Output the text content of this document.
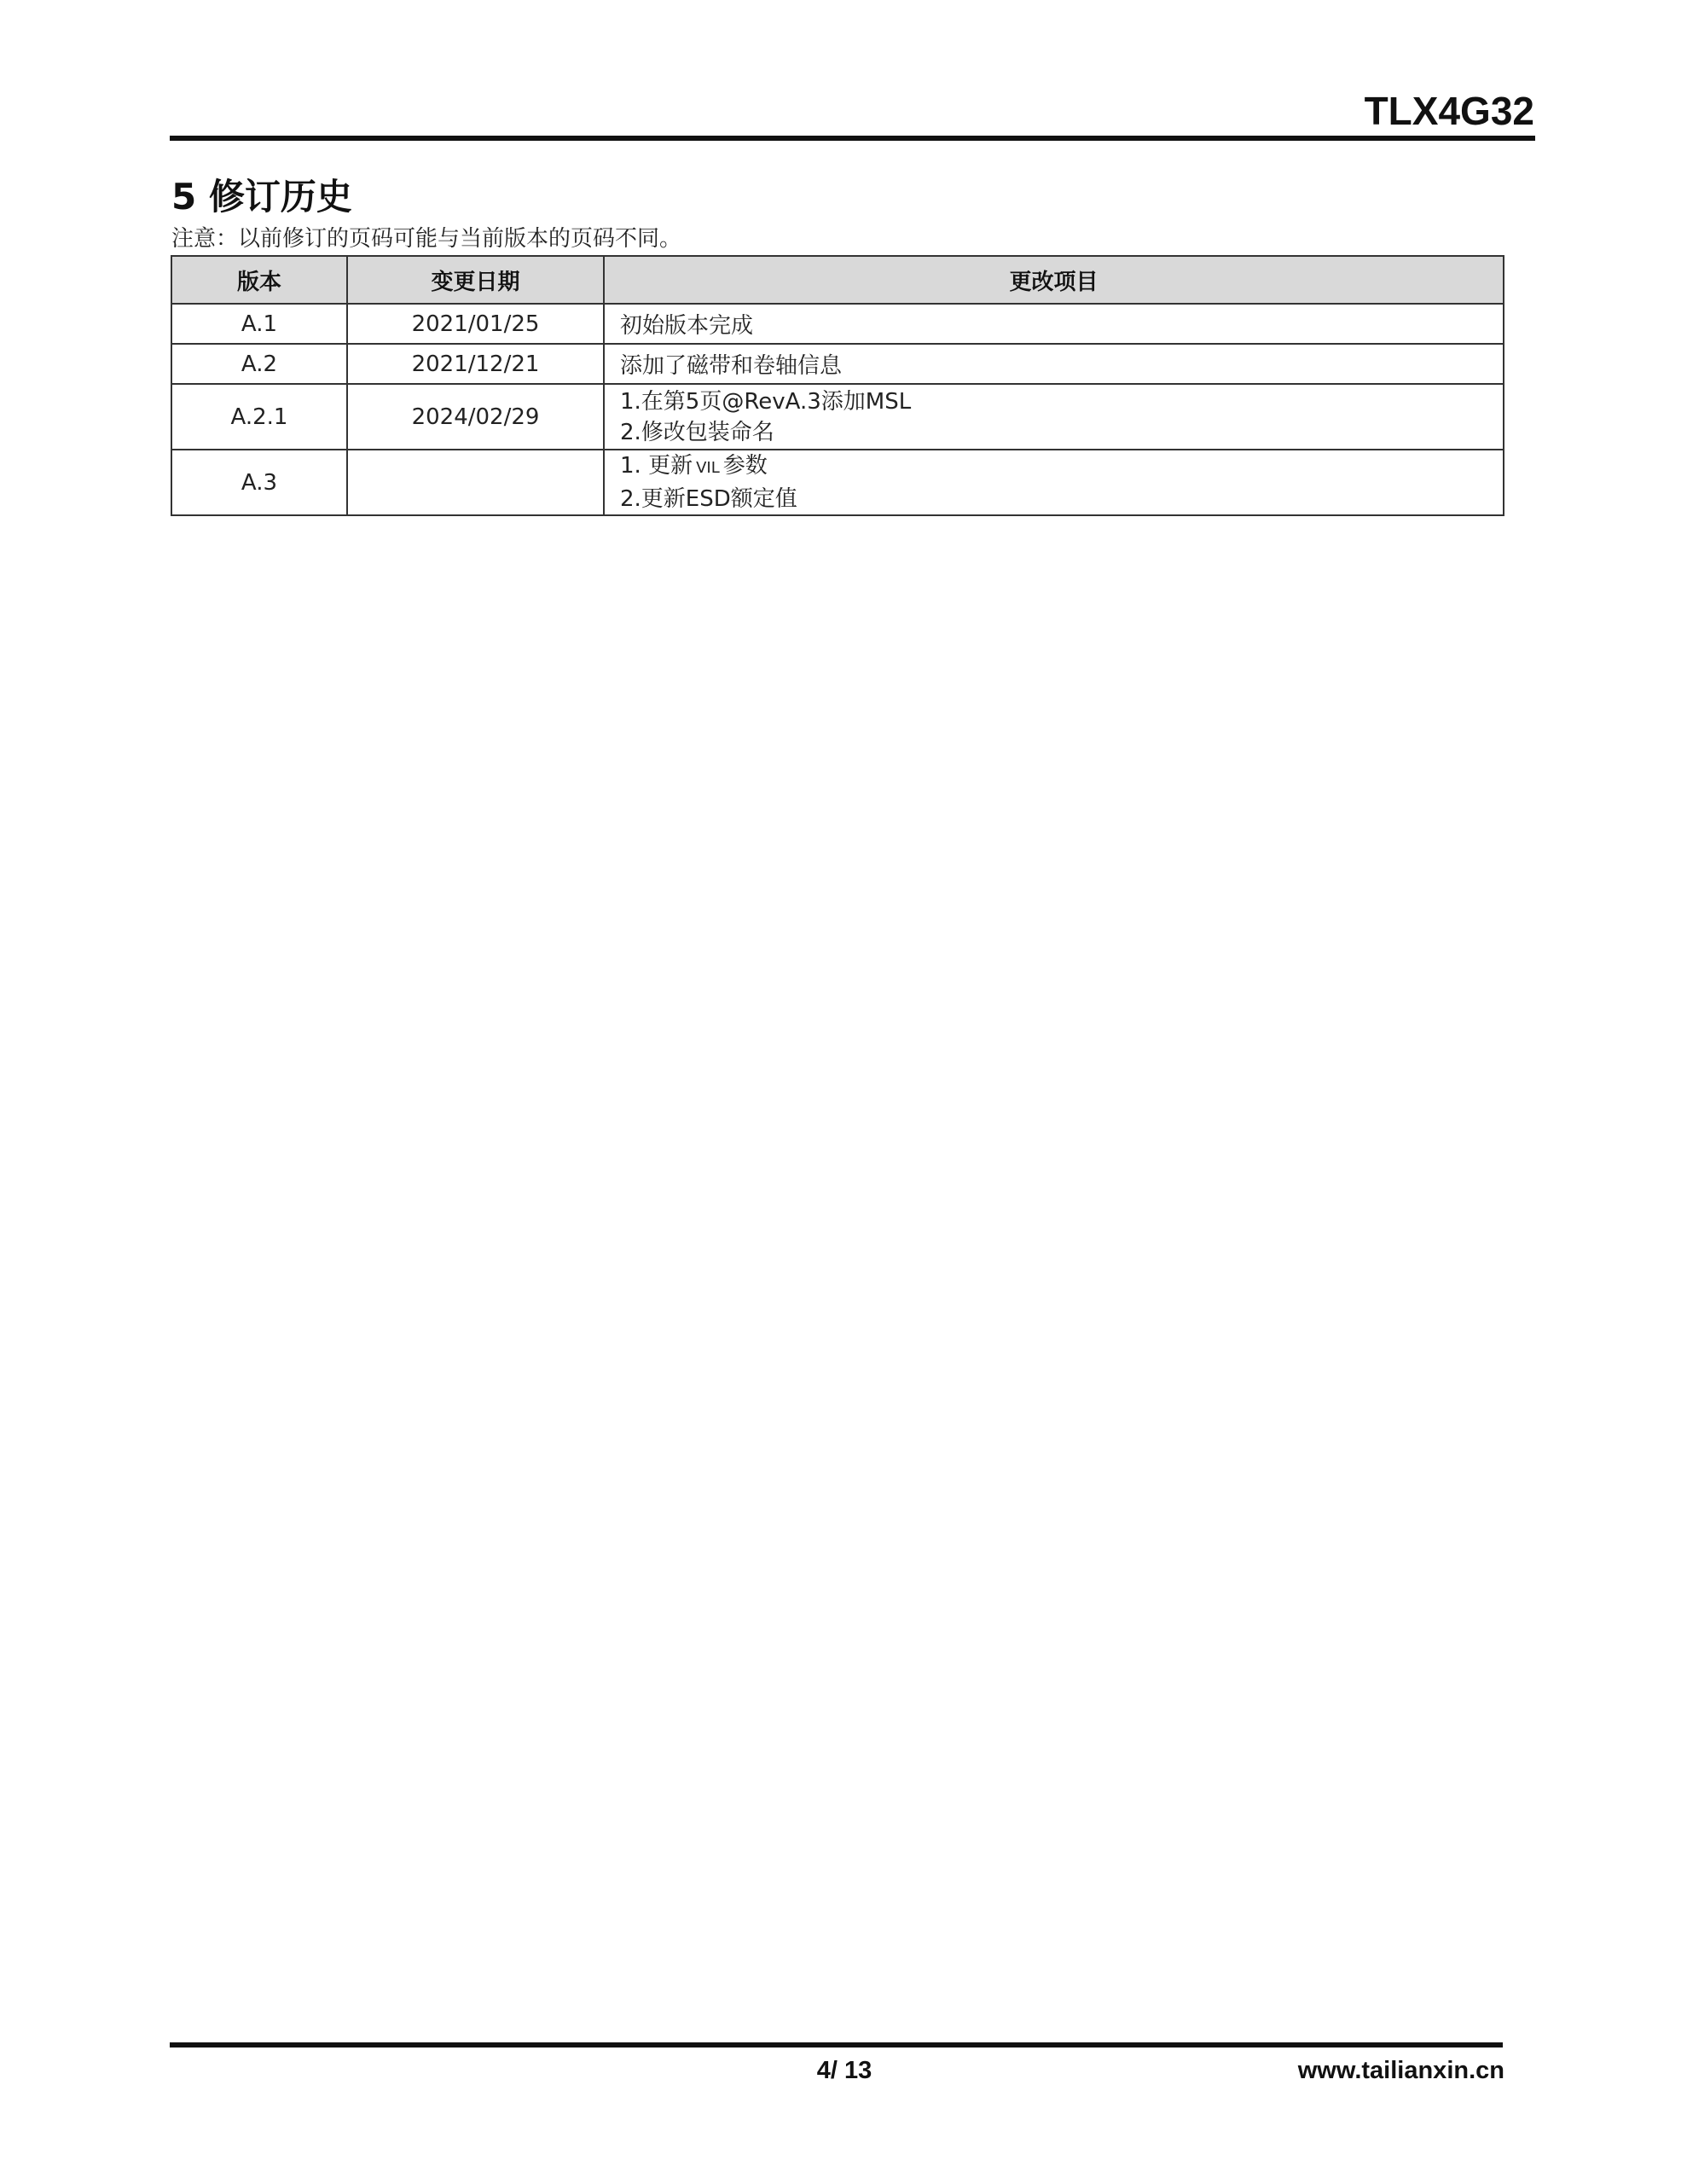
TLX4G32
5 修订历史
注意：以前修订的页码可能与当前版本的页码不同。
版本	变更日期	更改项目
A.1	2021/01/25	初始版本完成

A.2	2021/12/21	添加了磁带和卷轴信息

A.2.1	2024/02/29	1.在第5页@RevA.3添加MSL
2.修改包装命名

A.3		1. 更新 VIL 参数
2.更新ESD额定值
4/ 13	www.tailianxin.cn
